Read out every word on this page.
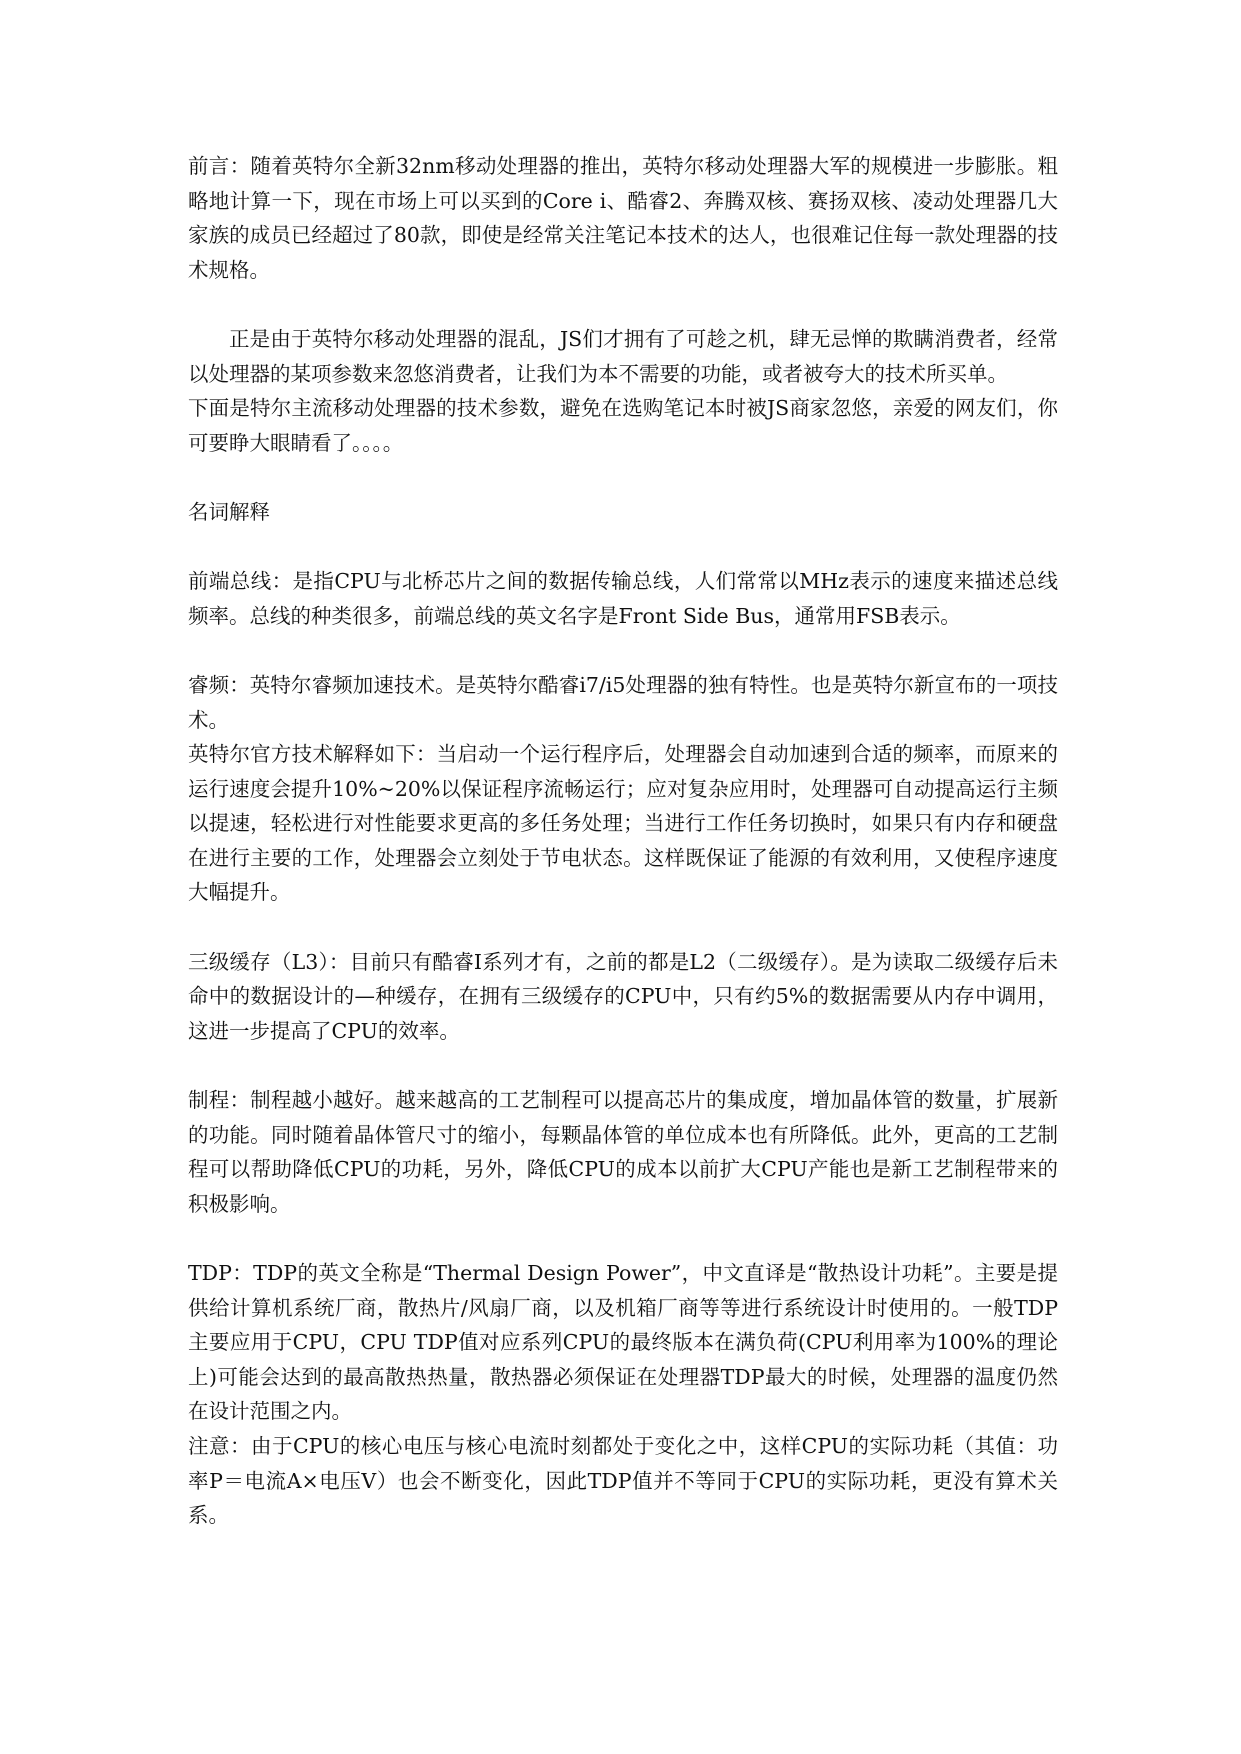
前言：随着英特尔全新32nm移动处理器的推出，英特尔移动处理器大军的规模进一步膨胀。粗略地计算一下，现在市场上可以买到的Core i、酷睿2、奔腾双核、赛扬双核、凌动处理器几大家族的成员已经超过了80款，即使是经常关注笔记本技术的达人，也很难记住每一款处理器的技术规格。

正是由于英特尔移动处理器的混乱，JS们才拥有了可趁之机，肆无忌惮的欺瞒消费者，经常以处理器的某项参数来忽悠消费者，让我们为本不需要的功能，或者被夸大的技术所买单。

下面是特尔主流移动处理器的技术参数，避免在选购笔记本时被JS商家忽悠，亲爱的网友们，你可要睁大眼睛看了。。。。

名词解释

前端总线：是指CPU与北桥芯片之间的数据传输总线，人们常常以MHz表示的速度来描述总线频率。总线的种类很多，前端总线的英文名字是Front Side Bus，通常用FSB表示。

睿频：英特尔睿频加速技术。是英特尔酷睿i7/i5处理器的独有特性。也是英特尔新宣布的一项技术。

英特尔官方技术解释如下：当启动一个运行程序后，处理器会自动加速到合适的频率，而原来的运行速度会提升10%~20%以保证程序流畅运行；应对复杂应用时，处理器可自动提高运行主频以提速，轻松进行对性能要求更高的多任务处理；当进行工作任务切换时，如果只有内存和硬盘在进行主要的工作，处理器会立刻处于节电状态。这样既保证了能源的有效利用，又使程序速度大幅提升。

三级缓存（L3）：目前只有酷睿I系列才有，之前的都是L2（二级缓存）。是为读取二级缓存后未命中的数据设计的—种缓存，在拥有三级缓存的CPU中，只有约5%的数据需要从内存中调用，这进一步提高了CPU的效率。

制程：制程越小越好。越来越高的工艺制程可以提高芯片的集成度，增加晶体管的数量，扩展新的功能。同时随着晶体管尺寸的缩小，每颗晶体管的单位成本也有所降低。此外，更高的工艺制程可以帮助降低CPU的功耗，另外，降低CPU的成本以前扩大CPU产能也是新工艺制程带来的积极影响。

TDP：TDP的英文全称是“Thermal Design Power”，中文直译是“散热设计功耗”。主要是提供给计算机系统厂商，散热片/风扇厂商，以及机箱厂商等等进行系统设计时使用的。一般TDP主要应用于CPU，CPU TDP值对应系列CPU的最终版本在满负荷(CPU利用率为100%的理论上)可能会达到的最高散热热量，散热器必须保证在处理器TDP最大的时候，处理器的温度仍然在设计范围之内。

注意：由于CPU的核心电压与核心电流时刻都处于变化之中，这样CPU的实际功耗（其值：功率P＝电流A×电压V）也会不断变化，因此TDP值并不等同于CPU的实际功耗，更没有算术关系。
